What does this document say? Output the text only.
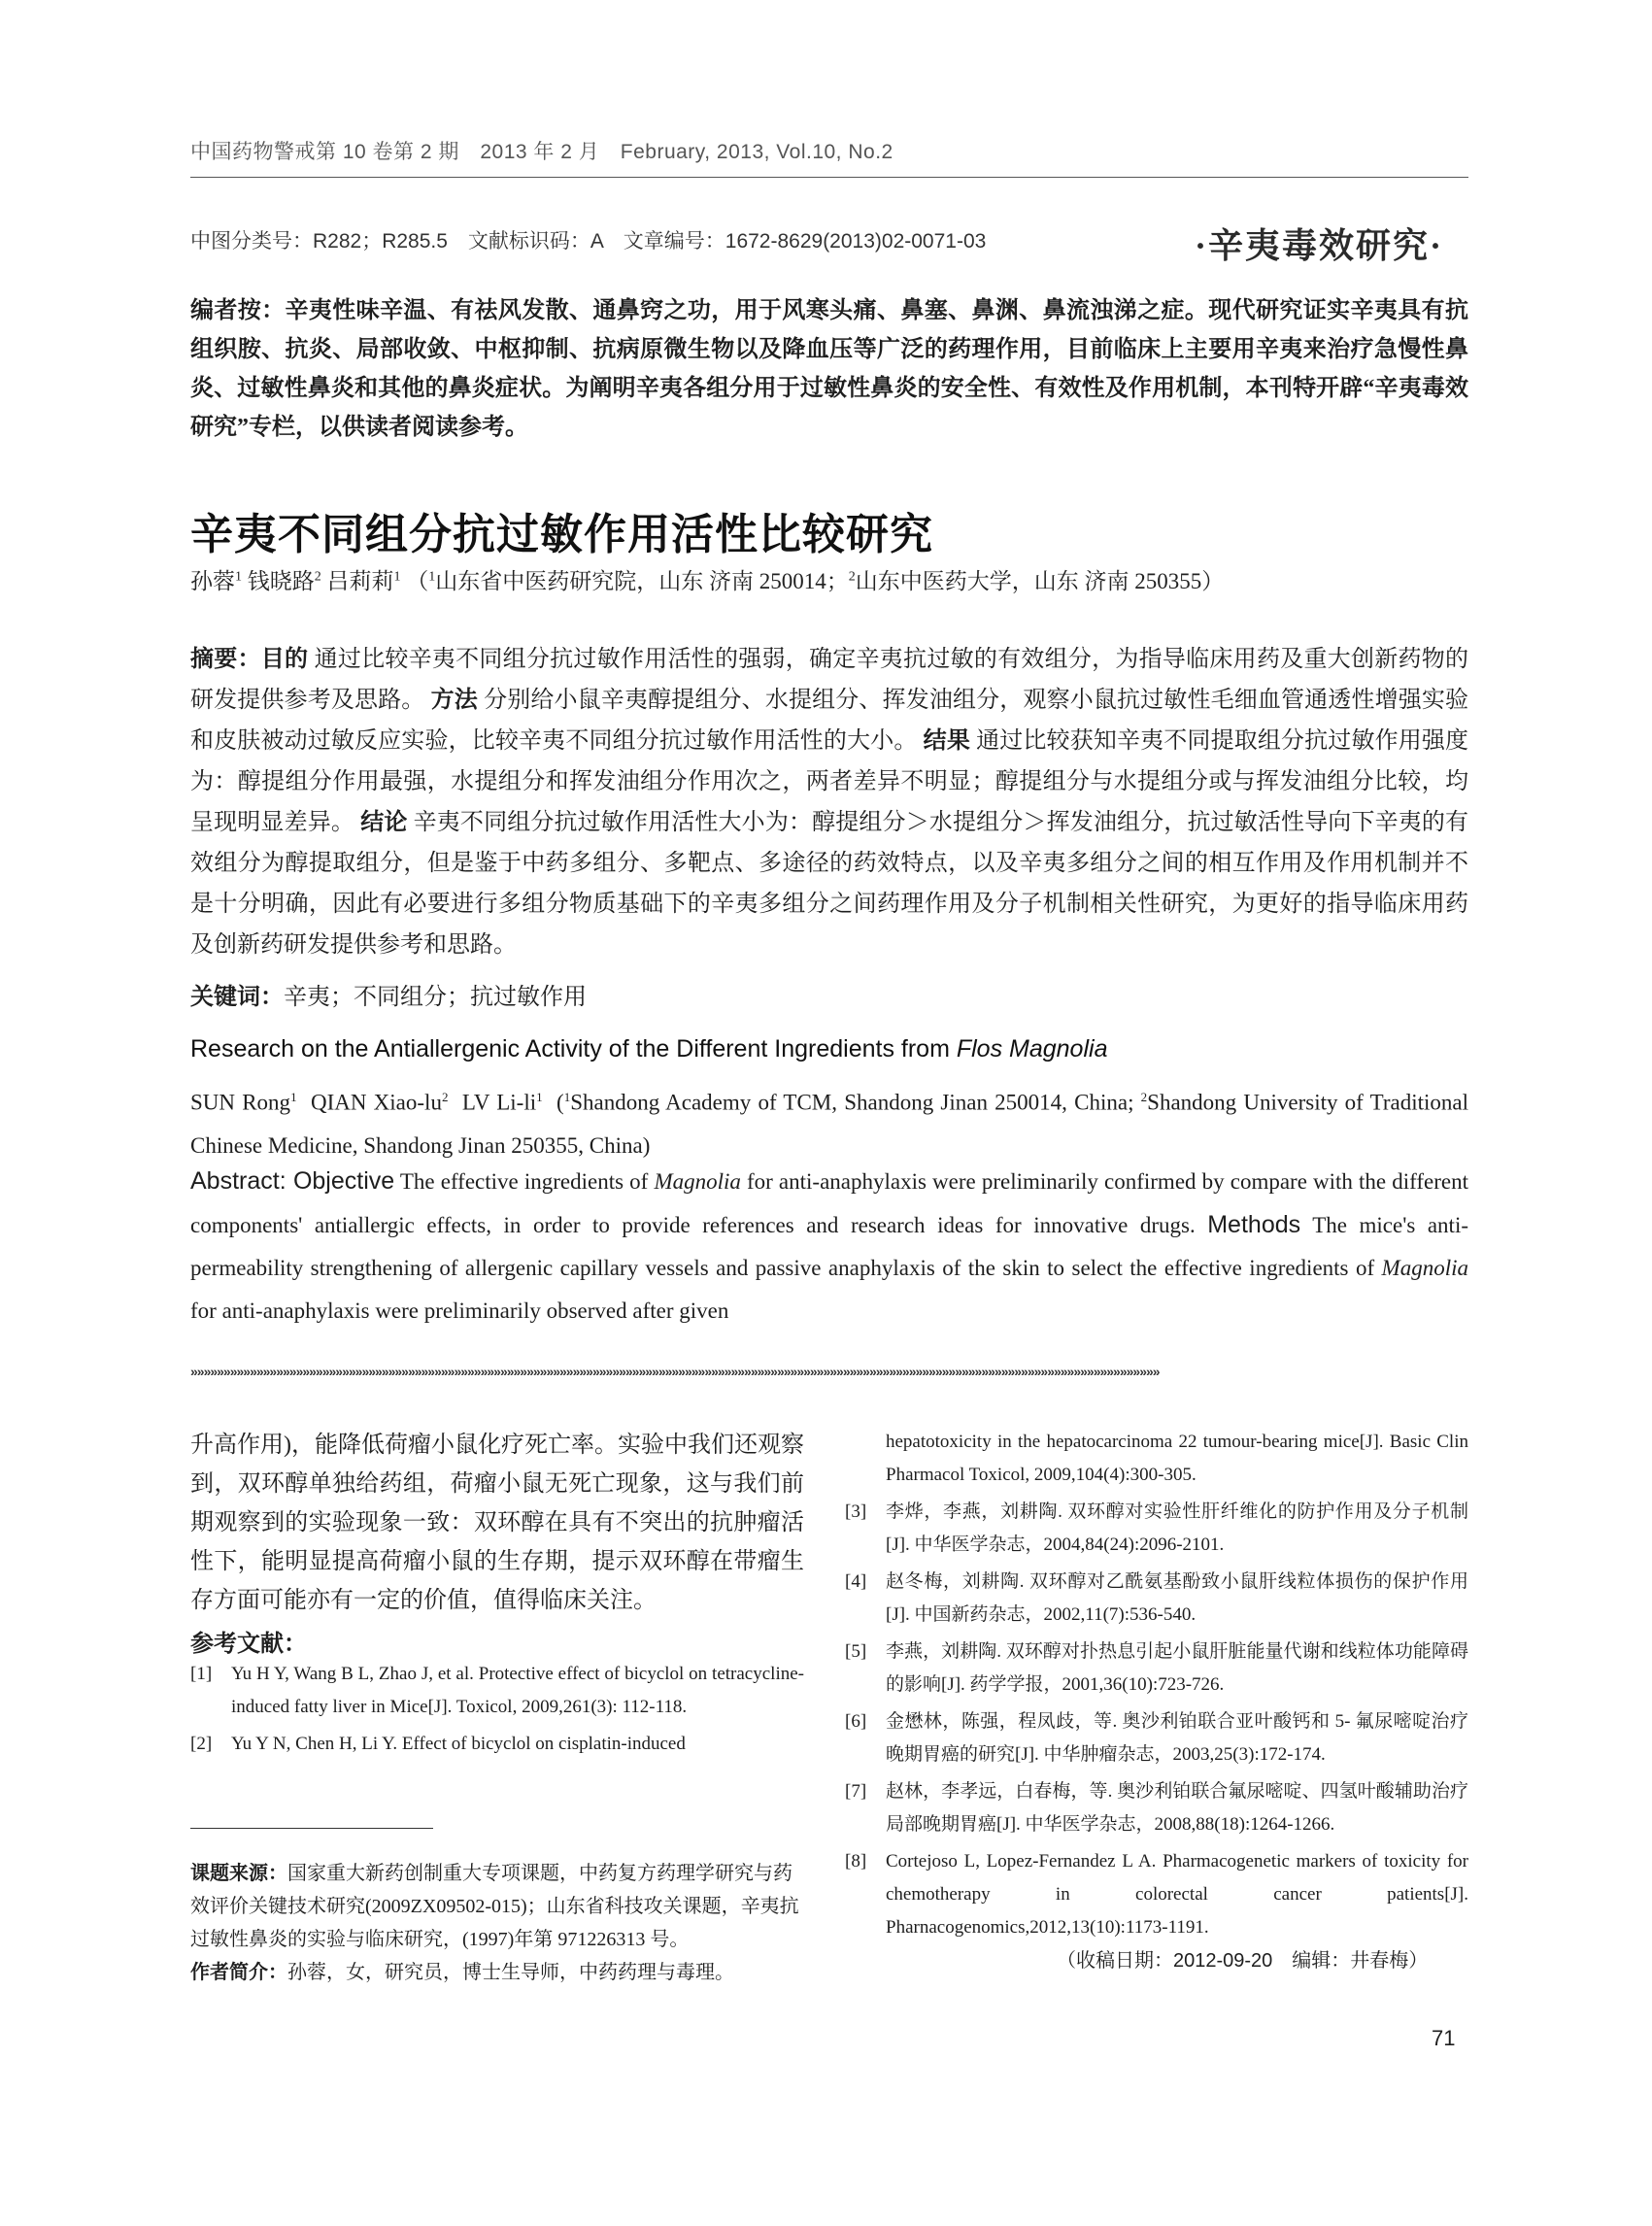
中国药物警戒第 10 卷第 2 期　2013 年 2 月　February, 2013, Vol.10, No.2
中图分类号：R282；R285.5　文献标识码：A　文章编号：1672-8629(2013)02-0071-03	·辛夷毒效研究·
编者按：辛夷性味辛温、有祛风发散、通鼻窍之功，用于风寒头痛、鼻塞、鼻渊、鼻流浊涕之症。现代研究证实辛夷具有抗组织胺、抗炎、局部收敛、中枢抑制、抗病原微生物以及降血压等广泛的药理作用，目前临床上主要用辛夷来治疗急慢性鼻炎、过敏性鼻炎和其他的鼻炎症状。为阐明辛夷各组分用于过敏性鼻炎的安全性、有效性及作用机制，本刊特开辟“辛夷毒效研究”专栏，以供读者阅读参考。
辛夷不同组分抗过敏作用活性比较研究
孙蓉$^1$ 钱晓路$^2$ 吕莉莉$^1$ （$^1$山东省中医药研究院，山东 济南 250014；$^2$山东中医药大学，山东 济南 250355）
摘要：目的 通过比较辛夷不同组分抗过敏作用活性的强弱，确定辛夷抗过敏的有效组分，为指导临床用药及重大创新药物的研发提供参考及思路。 方法 分别给小鼠辛夷醇提组分、水提组分、挥发油组分，观察小鼠抗过敏性毛细血管通透性增强实验和皮肤被动过敏反应实验，比较辛夷不同组分抗过敏作用活性的大小。 结果 通过比较获知辛夷不同提取组分抗过敏作用强度为：醇提组分作用最强，水提组分和挥发油组分作用次之，两者差异不明显；醇提组分与水提组分或与挥发油组分比较，均呈现明显差异。 结论 辛夷不同组分抗过敏作用活性大小为：醇提组分＞水提组分＞挥发油组分，抗过敏活性导向下辛夷的有效组分为醇提取组分，但是鉴于中药多组分、多靶点、多途径的药效特点，以及辛夷多组分之间的相互作用及作用机制并不是十分明确，因此有必要进行多组分物质基础下的辛夷多组分之间药理作用及分子机制相关性研究，为更好的指导临床用药及创新药研发提供参考和思路。
关键词：辛夷；不同组分；抗过敏作用
Research on the Antiallergenic Activity of the Different Ingredients from Flos Magnolia
SUN Rong$^1$ QIAN Xiao-$lu^2$ LV $Li-li^1$ ($^1$Shandong Academy of TCM, Shandong Jinan 250014, China; $^2$Shandong University of Traditional Chinese Medicine, Shandong Jinan 250355, China)
Abstract: Objective The effective ingredients of Magnolia for anti-anaphylaxis were preliminarily confirmed by compare with the different components' antiallergic effects, in order to provide references and research ideas for innovative drugs. Methods The mice's anti-permeability strengthening of allergenic capillary vessels and passive anaphylaxis of the skin to select the effective ingredients of Magnolia for anti-anaphylaxis were preliminarily observed after given
»»»»»»»»»»»»»»»»»»»»»»»»»»»»»»»»»»»»»»»»»»»»»»»»»»»»»»»»»»»»»»»»»»»»»»»»»»»»»»»»»»»»»»»»»»»»»»»»»»»»»»»»»»»»»»»»»»»»»»»»»»»»»»»»»»»»»»»»»»»»»»»»»»»
升高作用)，能降低荷瘤小鼠化疗死亡率。实验中我们还观察到，双环醇单独给药组，荷瘤小鼠无死亡现象，这与我们前期观察到的实验现象一致：双环醇在具有不突出的抗肿瘤活性下，能明显提高荷瘤小鼠的生存期，提示双环醇在带瘤生存方面可能亦有一定的价值，值得临床关注。
参考文献：
[1]	Yu H Y, Wang B L, Zhao J, et al. Protective effect of bicyclol on tetracycline-induced fatty liver in Mice[J]. Toxicol, 2009,261(3): 112-118.
[2]	Yu Y N, Chen H, Li Y. Effect of bicyclol on cisplatin-induced
课题来源：国家重大新药创制重大专项课题，中药复方药理学研究与药效评价关键技术研究(2009ZX09502-015)；山东省科技攻关课题，辛夷抗过敏性鼻炎的实验与临床研究，(1997)年第 971226313 号。
作者简介：孙蓉，女，研究员，博士生导师，中药药理与毒理。
hepatotoxicity in the hepatocarcinoma 22 tumour-bearing mice[J]. Basic Clin Pharmacol Toxicol, 2009,104(4):300-305.
[3]	李烨，李燕，刘耕陶. 双环醇对实验性肝纤维化的防护作用及分子机制[J]. 中华医学杂志，2004,84(24):2096-2101.
[4]	赵冬梅，刘耕陶. 双环醇对乙酰氨基酚致小鼠肝线粒体损伤的保护作用[J]. 中国新药杂志，2002,11(7):536-540.
[5]	李燕，刘耕陶. 双环醇对扑热息引起小鼠肝脏能量代谢和线粒体功能障碍的影响[J]. 药学学报，2001,36(10):723-726.
[6]	金懋林，陈强，程凤歧，等. 奥沙利铂联合亚叶酸钙和 5- 氟尿嘧啶治疗晚期胃癌的研究[J]. 中华肿瘤杂志，2003,25(3):172-174.
[7]	赵林，李孝远，白春梅，等. 奥沙利铂联合氟尿嘧啶、四氢叶酸辅助治疗局部晚期胃癌[J]. 中华医学杂志，2008,88(18):1264-1266.
[8]	Cortejoso L, Lopez-Fernandez L A. Pharmacogenetic markers of toxicity for chemotherapy in colorectal cancer patients[J]. Pharnacogenomics,2012,13(10):1173-1191.
（收稿日期：2012-09-20　编辑：井春梅）
71
